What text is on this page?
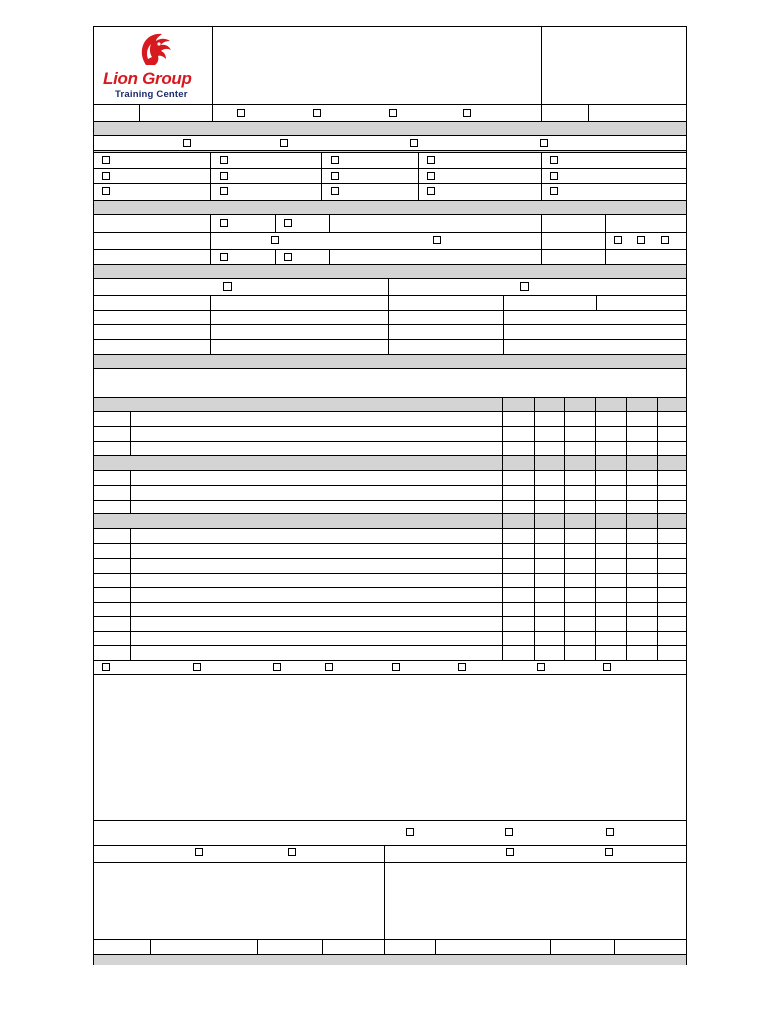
Lion Group
Training Center
